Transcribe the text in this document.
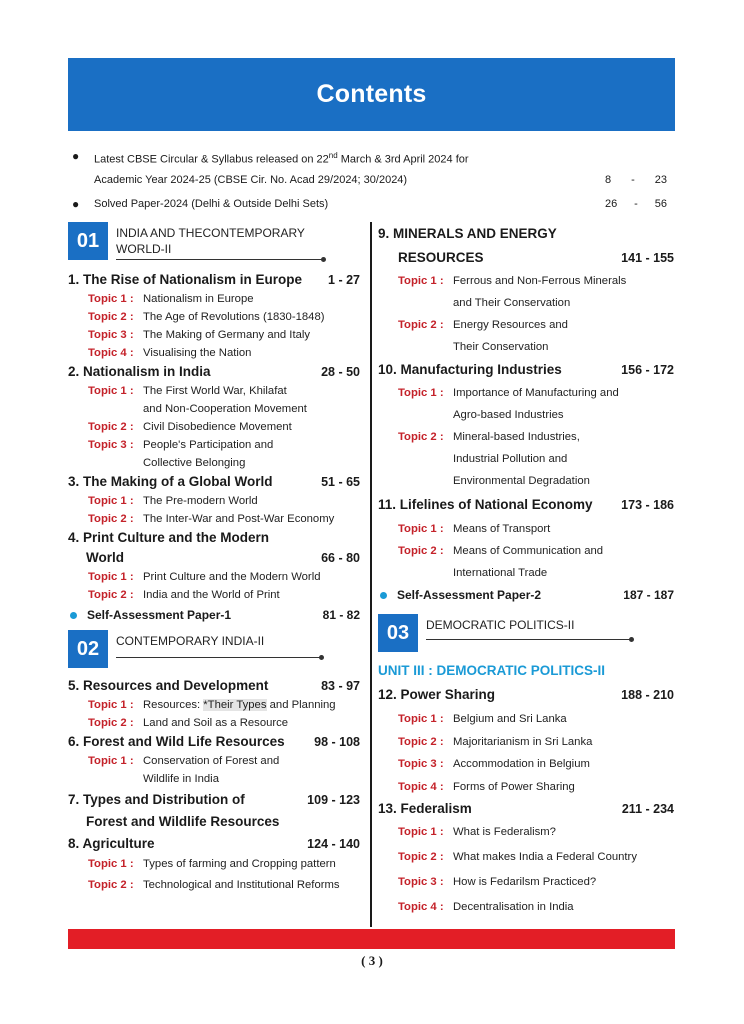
Contents
● Latest CBSE Circular & Syllabus released on 22nd March & 3rd April 2024 for
Academic Year 2024-25 (CBSE Cir. No. Acad 29/2024; 30/2024)	8 - 23
● Solved Paper-2024 (Delhi & Outside Delhi Sets)	26 - 56
01	INDIA AND THECONTEMPORARY
WORLD-II
1. The Rise of Nationalism in Europe 1 - 27
Topic 1 : Nationalism in Europe
Topic 2 : The Age of Revolutions (1830-1848)
Topic 3 : The Making of Germany and Italy
Topic 4 : Visualising the Nation
2. Nationalism in India	28 - 50
Topic 1 : The First World War, Khilafat
and Non-Cooperation Movement
Topic 2 : Civil Disobedience Movement
Topic 3 : People's Participation and
Collective Belonging
3. The Making of a Global World	51 - 65
Topic 1 : The Pre-modern World
Topic 2 : The Inter-War and Post-War Economy
4. Print Culture and the Modern
World	66 - 80
Topic 1 : Print Culture and the Modern World
Topic 2 : India and the World of Print
Self-Assessment Paper-1	81 - 82
02	CONTEMPORARY INDIA-II
5. Resources and Development	83 - 97
Topic 1 : Resources: *Their Types and Planning
Topic 2 : Land and Soil as a Resource
6. Forest and Wild Life Resources 98 - 108
Topic 1 : Conservation of Forest and
Wildlife in India
7. Types and Distribution of	109 - 123
Forest and Wildlife Resources
8. Agriculture	124 - 140
Topic 1 : Types of farming and Cropping pattern
Topic 2 : Technological and Institutional Reforms
9. MINERALS AND ENERGY
RESOURCES	141 - 155
Topic 1 : Ferrous and Non-Ferrous Minerals
and Their Conservation
Topic 2 : Energy Resources and
Their Conservation
10. Manufacturing Industries	156 - 172
Topic 1 : Importance of Manufacturing and
Agro-based Industries
Topic 2 : Mineral-based Industries,
Industrial Pollution and
Environmental Degradation
11. Lifelines of National Economy 173 - 186
Topic 1 : Means of Transport
Topic 2 : Means of Communication and
International Trade
Self-Assessment Paper-2	187 - 187
03	DEMOCRATIC POLITICS-II
UNIT III : DEMOCRATIC POLITICS-II
12. Power Sharing	188 - 210
Topic 1 : Belgium and Sri Lanka
Topic 2 : Majoritarianism in Sri Lanka
Topic 3 : Accommodation in Belgium
Topic 4 : Forms of Power Sharing
13. Federalism	211 - 234
Topic 1 : What is Federalism?
Topic 2 : What makes India a Federal Country
Topic 3 : How is Fedarilsm Practiced?
Topic 4 : Decentralisation in India
( 3 )
